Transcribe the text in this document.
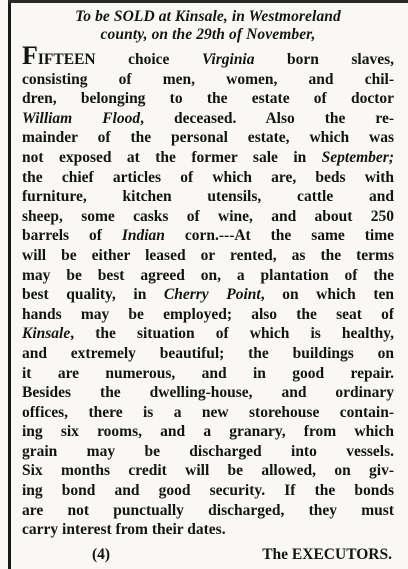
To be SOLD at Kinsale, in Westmoreland
county, on the 29th of November,
FIFTEEN choice Virginia born slaves,
consisting of men, women, and chil-
dren, belonging to the estate of doctor
William Flood, deceased. Also the re-
mainder of the personal estate, which was
not exposed at the former sale in September;
the chief articles of which are, beds with
furniture, kitchen utensils, cattle and
sheep, some casks of wine, and about 250
barrels of Indian corn.---At the same time
will be either leased or rented, as the terms
may be best agreed on, a plantation of the
best quality, in Cherry Point, on which ten
hands may be employed; also the seat of
Kinsale, the situation of which is healthy,
and extremely beautiful; the buildings on
it are numerous, and in good repair.
Besides the dwelling-house, and ordinary
offices, there is a new storehouse contain-
ing six rooms, and a granary, from which
grain may be discharged into vessels.
Six months credit will be allowed, on giv-
ing bond and good security. If the bonds
are not punctually discharged, they must
carry interest from their dates.
(4)	The EXECUTORS.
